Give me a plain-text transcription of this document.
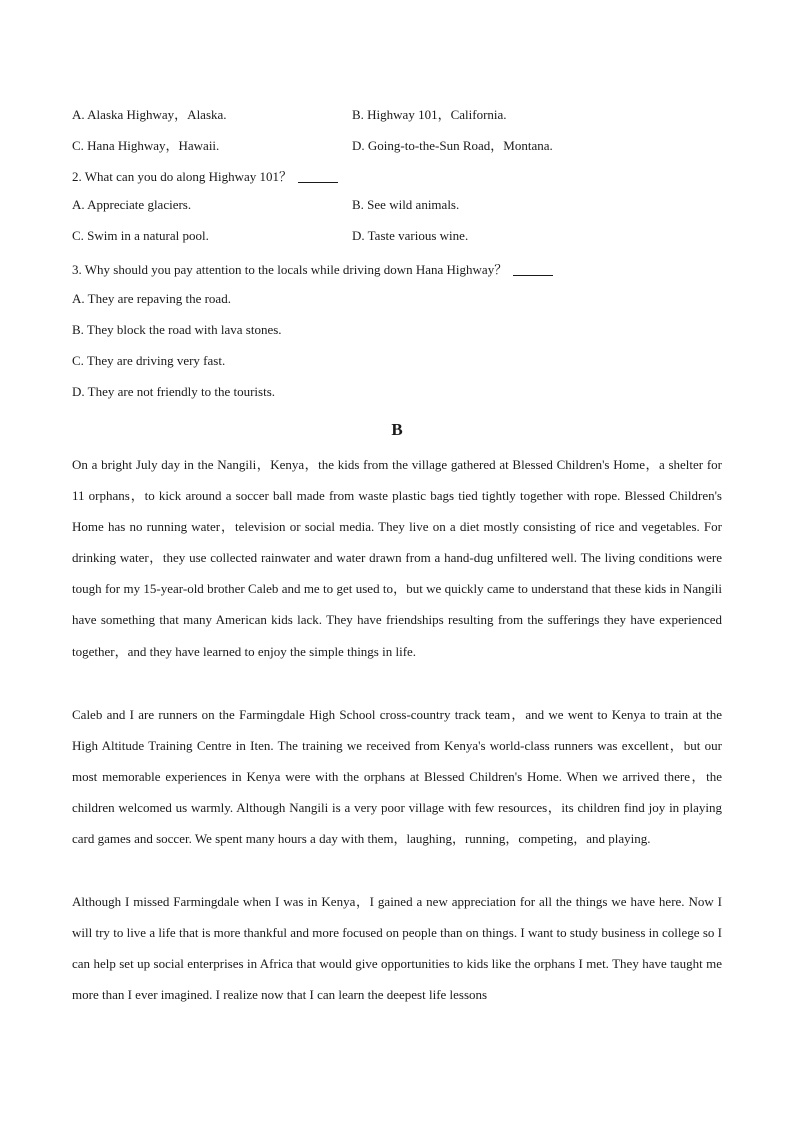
A. Alaska Highway，Alaska.	B. Highway 101，California.
C. Hana Highway，Hawaii.	D. Going-to-the-Sun Road，Montana.
2. What can you do along Highway 101？
A. Appreciate glaciers.	B. See wild animals.
C. Swim in a natural pool.	D. Taste various wine.
3. Why should you pay attention to the locals while driving down Hana Highway？
A. They are repaving the road.
B. They block the road with lava stones.
C. They are driving very fast.
D. They are not friendly to the tourists.
B
On a bright July day in the Nangili，Kenya，the kids from the village gathered at Blessed Children's Home，a shelter for 11 orphans，to kick around a soccer ball made from waste plastic bags tied tightly together with rope. Blessed Children's Home has no running water，television or social media. They live on a diet mostly consisting of rice and vegetables. For drinking water，they use collected rainwater and water drawn from a hand-dug unfiltered well. The living conditions were tough for my 15-year-old brother Caleb and me to get used to，but we quickly came to understand that these kids in Nangili have something that many American kids lack. They have friendships resulting from the sufferings they have experienced together，and they have learned to enjoy the simple things in life.
Caleb and I are runners on the Farmingdale High School cross-country track team，and we went to Kenya to train at the High Altitude Training Centre in Iten. The training we received from Kenya's world-class runners was excellent，but our most memorable experiences in Kenya were with the orphans at Blessed Children's Home. When we arrived there，the children welcomed us warmly. Although Nangili is a very poor village with few resources，its children find joy in playing card games and soccer. We spent many hours a day with them，laughing，running，competing，and playing.
Although I missed Farmingdale when I was in Kenya，I gained a new appreciation for all the things we have here. Now I will try to live a life that is more thankful and more focused on people than on things. I want to study business in college so I can help set up social enterprises in Africa that would give opportunities to kids like the orphans I met. They have taught me more than I ever imagined. I realize now that I can learn the deepest life lessons
